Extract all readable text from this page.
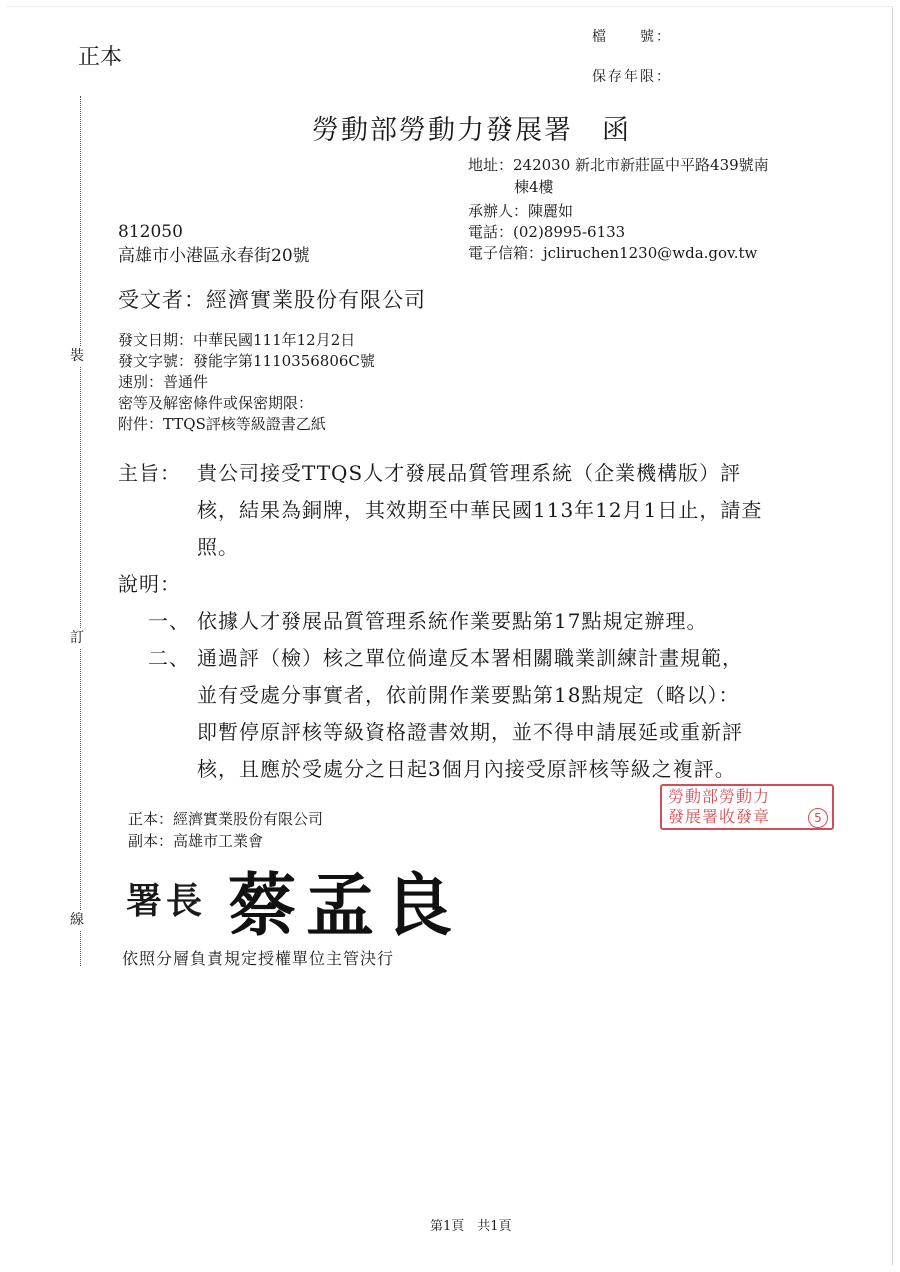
正本
檔　　號：
保存年限：
裝
訂
線
勞動部勞動力發展署　函
地址：242030 新北市新莊區中平路439號南
棟4樓
承辦人：陳麗如
電話：(02)8995-6133
電子信箱：jcliruchen1230@wda.gov.tw
812050
高雄市小港區永春街20號
受文者：經濟實業股份有限公司
發文日期：中華民國111年12月2日
發文字號：發能字第1110356806C號
速別：普通件
密等及解密條件或保密期限：
附件：TTQS評核等級證書乙紙
主旨： 貴公司接受TTQS人才發展品質管理系統（企業機構版）評
核，結果為銅牌，其效期至中華民國113年12月1日止，請查
照。
說明：
一、 依據人才發展品質管理系統作業要點第17點規定辦理。
二、 通過評（檢）核之單位倘違反本署相關職業訓練計畫規範，
並有受處分事實者，依前開作業要點第18點規定（略以）：
即暫停原評核等級資格證書效期，並不得申請展延或重新評
核，且應於受處分之日起3個月內接受原評核等級之複評。
勞動部勞動力
發展署收發章	5
正本：經濟實業股份有限公司
副本：高雄市工業會
署長 蔡孟良
依照分層負責規定授權單位主管決行
第1頁　共1頁
